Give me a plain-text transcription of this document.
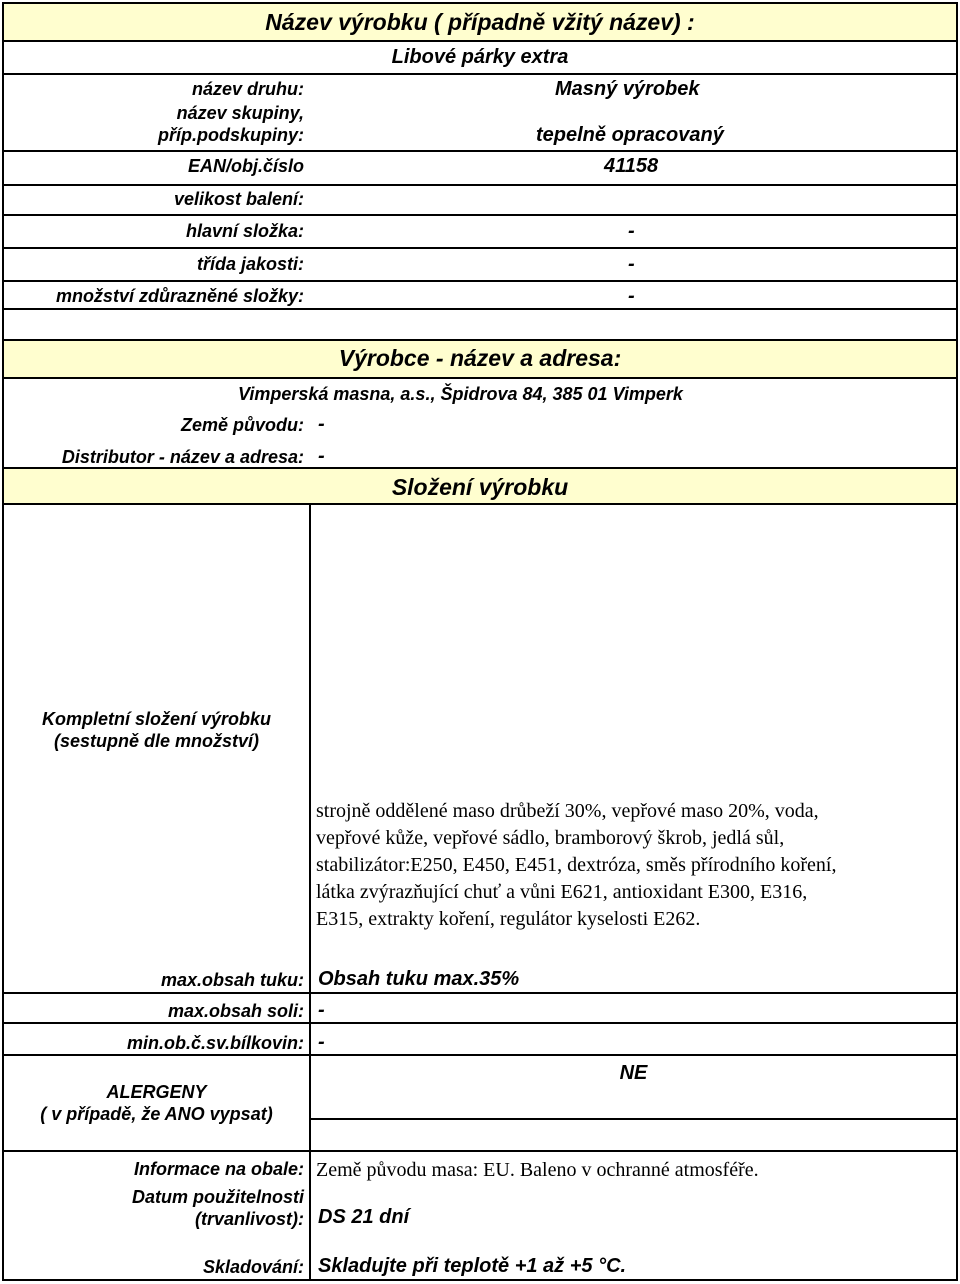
Název výrobku ( případně vžitý název) :
Libové párky extra
název druhu:	Masný výrobek
název skupiny,
příp.podskupiny:	tepelně opracovaný
EAN/obj.číslo	41158
velikost balení:
hlavní složka:	-
třída jakosti:	-
množství zdůrazněné složky:	-
Výrobce - název a adresa:
Vimperská masna, a.s., Špidrova 84, 385 01 Vimperk
Země původu: -
Distributor - název a adresa: -
Složení výrobku
Kompletní složení výrobku
(sestupně dle množství)
strojně oddělené maso drůbeží 30%, vepřové maso 20%, voda,
vepřové kůže, vepřové sádlo, bramborový škrob, jedlá sůl,
stabilizátor:E250, E450, E451, dextróza, směs přírodního koření,
látka zvýrazňující chuť a vůni E621, antioxidant E300, E316,
E315, extrakty koření, regulátor kyselosti E262.
max.obsah tuku: Obsah tuku max.35%
max.obsah soli: -
min.ob.č.sv.bílkovin: -
ALERGENY
( v případě, že ANO vypsat)
NE
Informace na obale: Země původu masa: EU. Baleno v ochranné atmosféře.
Datum použitelnosti
(trvanlivost): DS 21 dní
Skladování: Skladujte při teplotě +1 až +5 °C.
